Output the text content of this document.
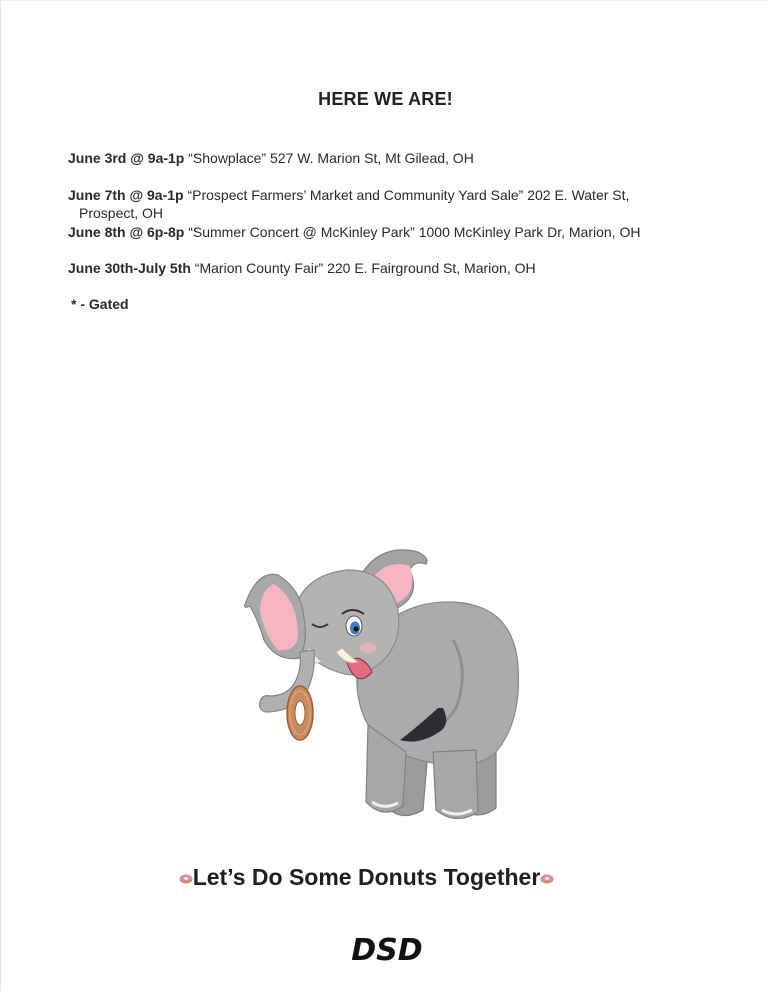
HERE WE ARE!
June 3rd @ 9a-1p “Showplace” 527 W. Marion St, Mt Gilead, OH
June 7th @ 9a-1p “Prospect Farmers’ Market and Community Yard Sale” 202 E. Water St,
Prospect, OH
June 8th @ 6p-8p “Summer Concert @ McKinley Park” 1000 McKinley Park Dr, Marion, OH
June 30th-July 5th “Marion County Fair” 220 E. Fairground St, Marion, OH
* - Gated
Let’s Do Some Donuts Together
DSD
